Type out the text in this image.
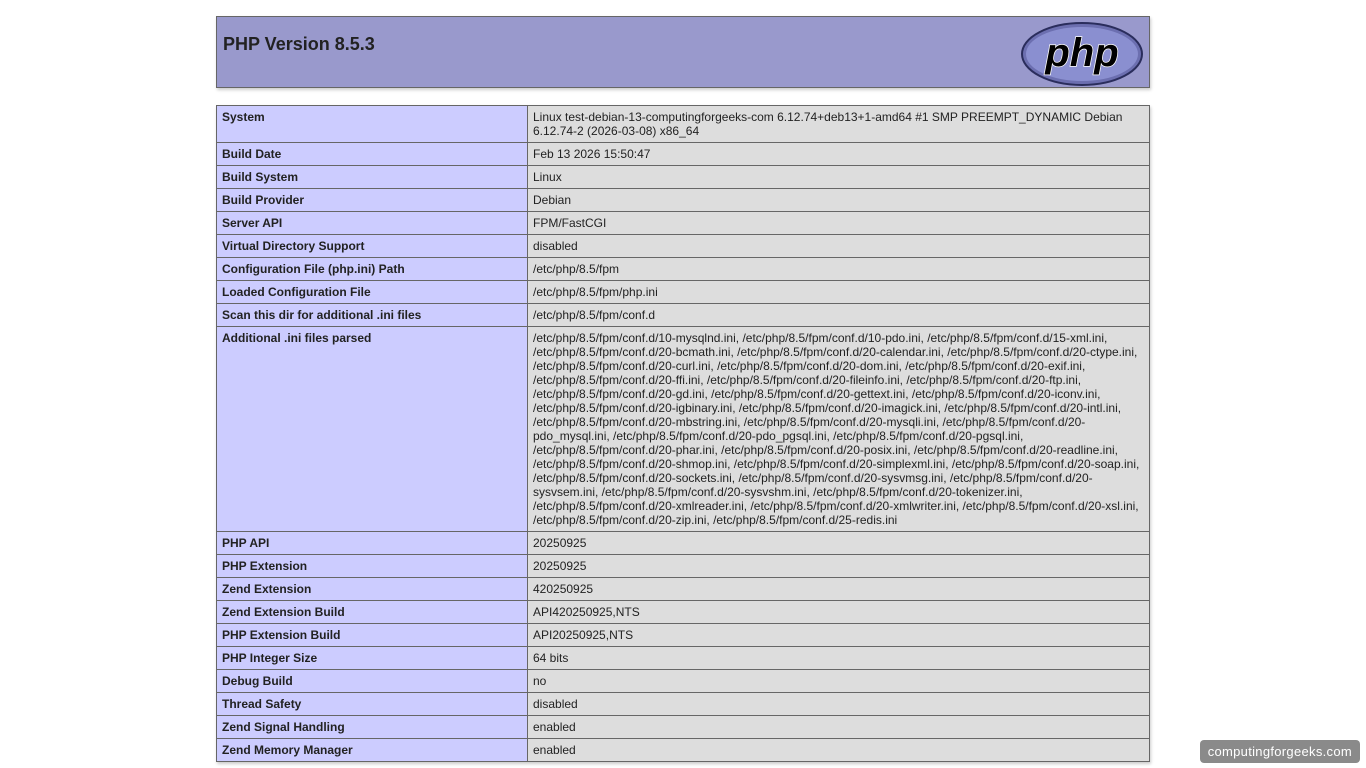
PHP Version 8.5.3	php
System	Linux test-debian-13-computingforgeeks-com 6.12.74+deb13+1-amd64 #1 SMP PREEMPT_DYNAMIC Debian 6.12.74-2 (2026-03-08) x86_64
Build Date	Feb 13 2026 15:50:47
Build System	Linux
Build Provider	Debian
Server API	FPM/FastCGI
Virtual Directory Support	disabled
Configuration File (php.ini) Path	/etc/php/8.5/fpm
Loaded Configuration File	/etc/php/8.5/fpm/php.ini
Scan this dir for additional .ini files	/etc/php/8.5/fpm/conf.d
Additional .ini files parsed	/etc/php/8.5/fpm/conf.d/10-mysqlnd.ini, /etc/php/8.5/fpm/conf.d/10-pdo.ini, /etc/php/8.5/fpm/conf.d/15-xml.ini, /etc/php/8.5/fpm/conf.d/20-bcmath.ini, /etc/php/8.5/fpm/conf.d/20-calendar.ini, /etc/php/8.5/fpm/conf.d/20-ctype.ini, /etc/php/8.5/fpm/conf.d/20-curl.ini, /etc/php/8.5/fpm/conf.d/20-dom.ini, /etc/php/8.5/fpm/conf.d/20-exif.ini, /etc/php/8.5/fpm/conf.d/20-ffi.ini, /etc/php/8.5/fpm/conf.d/20-fileinfo.ini, /etc/php/8.5/fpm/conf.d/20-ftp.ini, /etc/php/8.5/fpm/conf.d/20-gd.ini, /etc/php/8.5/fpm/conf.d/20-gettext.ini, /etc/php/8.5/fpm/conf.d/20-iconv.ini, /etc/php/8.5/fpm/conf.d/20-igbinary.ini, /etc/php/8.5/fpm/conf.d/20-imagick.ini, /etc/php/8.5/fpm/conf.d/20-intl.ini, /etc/php/8.5/fpm/conf.d/20-mbstring.ini, /etc/php/8.5/fpm/conf.d/20-mysqli.ini, /etc/php/8.5/fpm/conf.d/20-pdo_mysql.ini, /etc/php/8.5/fpm/conf.d/20-pdo_pgsql.ini, /etc/php/8.5/fpm/conf.d/20-pgsql.ini, /etc/php/8.5/fpm/conf.d/20-phar.ini, /etc/php/8.5/fpm/conf.d/20-posix.ini, /etc/php/8.5/fpm/conf.d/20-readline.ini, /etc/php/8.5/fpm/conf.d/20-shmop.ini, /etc/php/8.5/fpm/conf.d/20-simplexml.ini, /etc/php/8.5/fpm/conf.d/20-soap.ini, /etc/php/8.5/fpm/conf.d/20-sockets.ini, /etc/php/8.5/fpm/conf.d/20-sysvmsg.ini, /etc/php/8.5/fpm/conf.d/20-sysvsem.ini, /etc/php/8.5/fpm/conf.d/20-sysvshm.ini, /etc/php/8.5/fpm/conf.d/20-tokenizer.ini, /etc/php/8.5/fpm/conf.d/20-xmlreader.ini, /etc/php/8.5/fpm/conf.d/20-xmlwriter.ini, /etc/php/8.5/fpm/conf.d/20-xsl.ini, /etc/php/8.5/fpm/conf.d/20-zip.ini, /etc/php/8.5/fpm/conf.d/25-redis.ini
PHP API	20250925
PHP Extension	20250925
Zend Extension	420250925
Zend Extension Build	API420250925,NTS
PHP Extension Build	API20250925,NTS
PHP Integer Size	64 bits
Debug Build	no
Thread Safety	disabled
Zend Signal Handling	enabled
Zend Memory Manager	enabled	computingforgeeks.com
